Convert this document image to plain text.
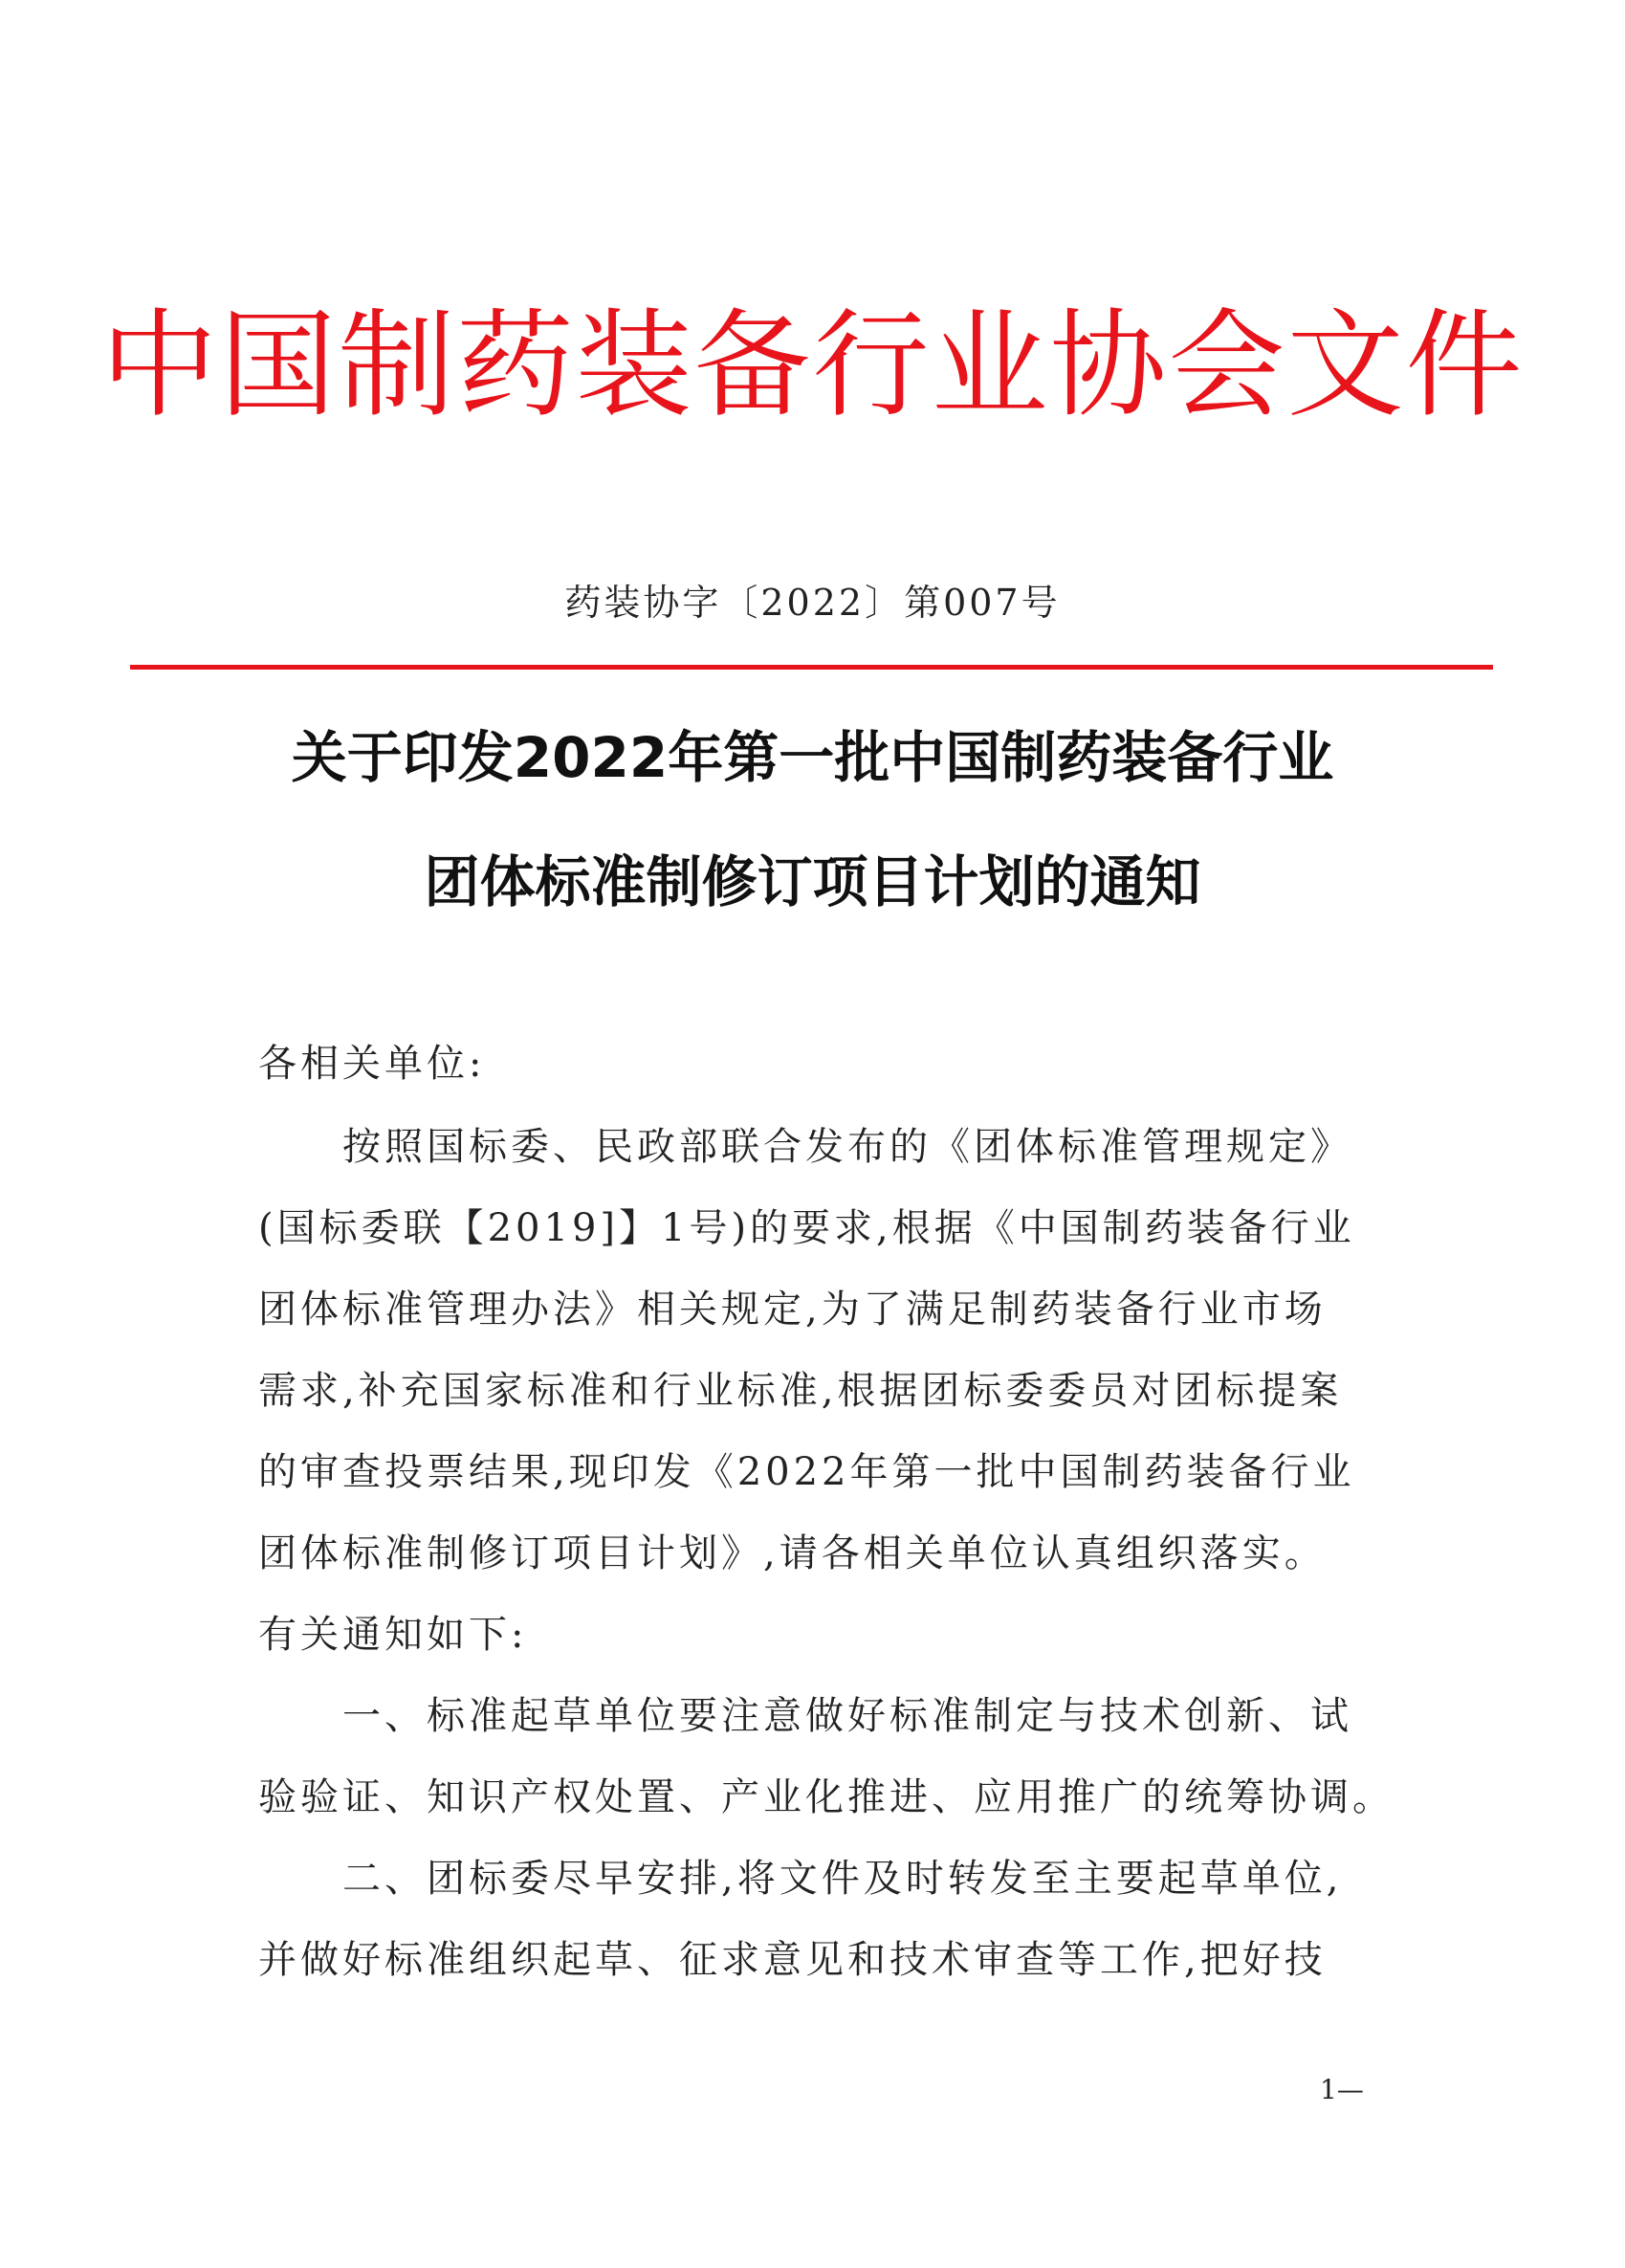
中国制药装备行业协会文件
药装协字〔2022〕第007号
关于印发2022年第一批中国制药装备行业
团体标准制修订项目计划的通知
各相关单位:
　　按照国标委、民政部联合发布的《团体标准管理规定》
(国标委联【2019]】1号)的要求,根据《中国制药装备行业
团体标准管理办法》相关规定,为了满足制药装备行业市场
需求,补充国家标准和行业标准,根据团标委委员对团标提案
的审查投票结果,现印发《2022年第一批中国制药装备行业
团体标准制修订项目计划》,请各相关单位认真组织落实。
有关通知如下:
　　一、标准起草单位要注意做好标准制定与技术创新、试
验验证、知识产权处置、产业化推进、应用推广的统筹协调。
　　二、团标委尽早安排,将文件及时转发至主要起草单位,
并做好标准组织起草、征求意见和技术审查等工作,把好技
1—
